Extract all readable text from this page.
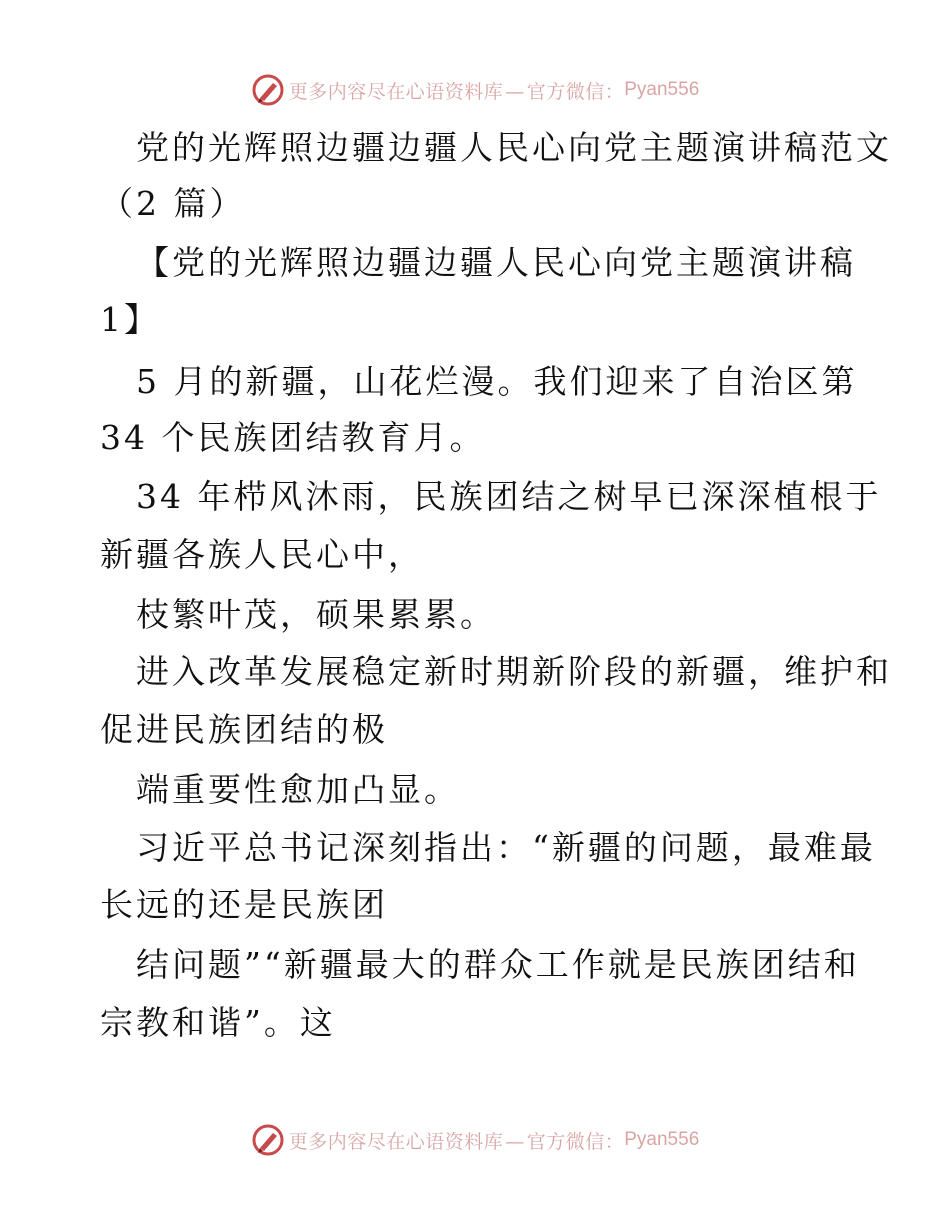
更多内容尽在心语资料库 — 官方微信： Pyan556
党的光辉照边疆边疆人民心向党主题演讲稿范文
（2 篇）
【党的光辉照边疆边疆人民心向党主题演讲稿
1】
5 月的新疆，山花烂漫。我们迎来了自治区第
34 个民族团结教育月。
34 年栉风沐雨，民族团结之树早已深深植根于
新疆各族人民心中，
枝繁叶茂，硕果累累。
进入改革发展稳定新时期新阶段的新疆，维护和
促进民族团结的极
端重要性愈加凸显。
习近平总书记深刻指出：“新疆的问题，最难最
长远的还是民族团
结问题”“新疆最大的群众工作就是民族团结和
宗教和谐”。这
更多内容尽在心语资料库 — 官方微信： Pyan556
